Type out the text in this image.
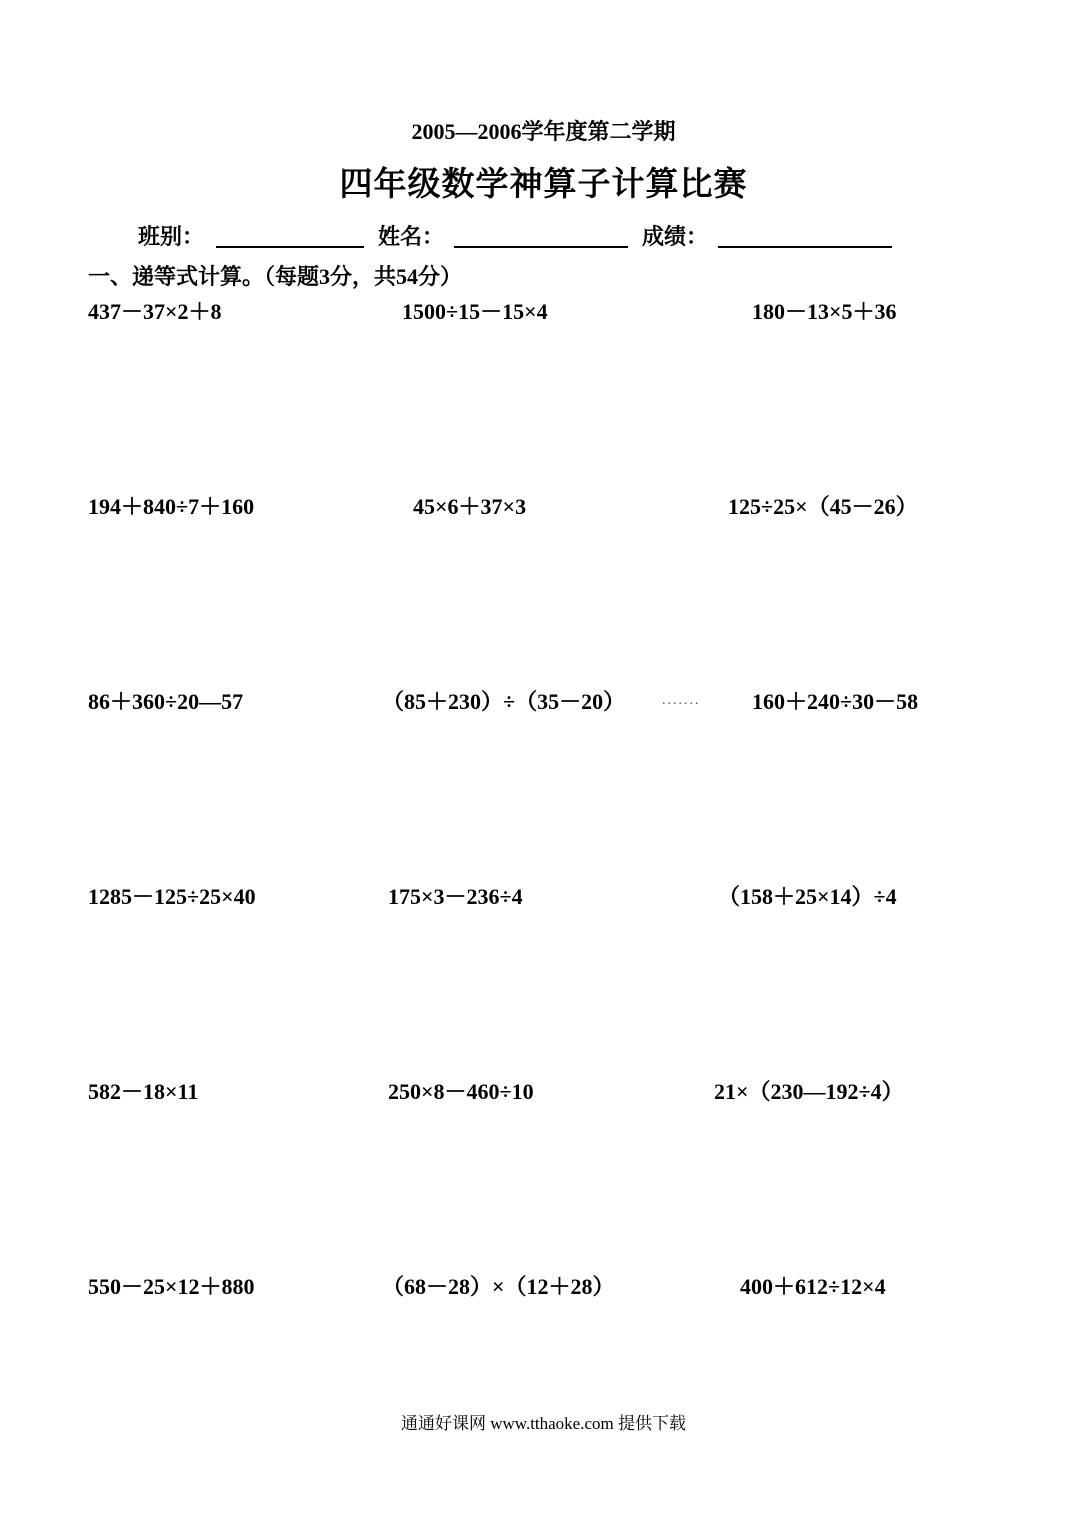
2005—2006学年度第二学期
四年级数学神算子计算比赛
班别：	姓名：	成绩：
一、递等式计算。（每题3分，共54分）
437－37×2＋8	1500÷15－15×4	180－13×5＋36
194＋840÷7＋160	45×6＋37×3	125÷25×（45－26）
86＋360÷20—57	（85＋230）÷（35－20）	....... 160＋240÷30－58
1285－125÷25×40	175×3－236÷4	（158＋25×14）÷4
582－18×11	250×8－460÷10	21×（230—192÷4）
550－25×12＋880	（68－28）×（12＋28）	400＋612÷12×4
通通好课网 www.tthaoke.com 提供下载
